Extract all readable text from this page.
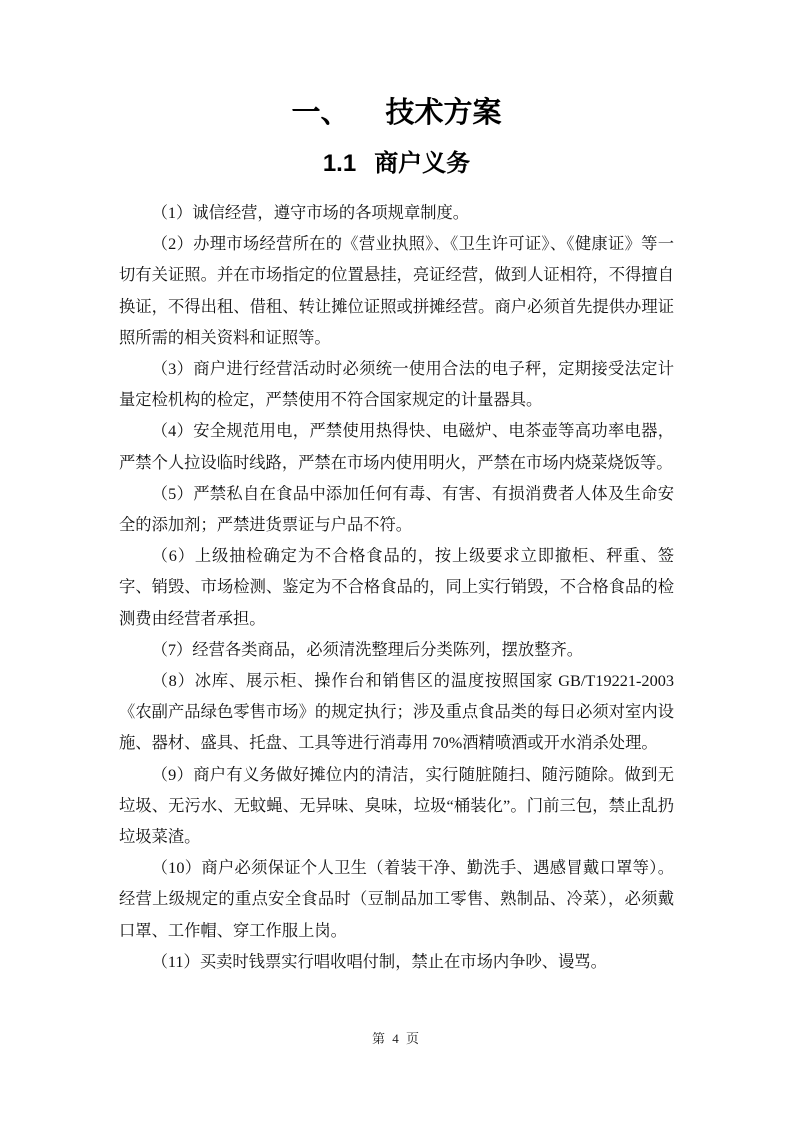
一、 技术方案
1.1 商户义务

（1）诚信经营，遵守市场的各项规章制度。

（2）办理市场经营所在的《营业执照》、《卫生许可证》、《健康证》等一切有关证照。并在市场指定的位置悬挂，亮证经营，做到人证相符，不得擅自换证，不得出租、借租、转让摊位证照或拼摊经营。商户必须首先提供办理证照所需的相关资料和证照等。

（3）商户进行经营活动时必须统一使用合法的电子秤，定期接受法定计量定检机构的检定，严禁使用不符合国家规定的计量器具。

（4）安全规范用电，严禁使用热得快、电磁炉、电茶壶等高功率电器，严禁个人拉设临时线路，严禁在市场内使用明火，严禁在市场内烧菜烧饭等。

（5）严禁私自在食品中添加任何有毒、有害、有损消费者人体及生命安全的添加剂；严禁进货票证与户品不符。

（6）上级抽检确定为不合格食品的，按上级要求立即撤柜、秤重、签字、销毁、市场检测、鉴定为不合格食品的，同上实行销毁，不合格食品的检测费由经营者承担。

（7）经营各类商品，必须清洗整理后分类陈列，摆放整齐。

（8）冰库、展示柜、操作台和销售区的温度按照国家 GB/T19221-2003《农副产品绿色零售市场》的规定执行；涉及重点食品类的每日必须对室内设施、器材、盛具、托盘、工具等进行消毒用 70%酒精喷酒或开水消杀处理。

（9）商户有义务做好摊位内的清洁，实行随脏随扫、随污随除。做到无垃圾、无污水、无蚊蝇、无异味、臭味，垃圾“桶装化”。门前三包，禁止乱扔垃圾菜渣。

（10）商户必须保证个人卫生（着装干净、勤洗手、遇感冒戴口罩等）。经营上级规定的重点安全食品时（豆制品加工零售、熟制品、冷菜），必须戴口罩、工作帽、穿工作服上岗。

（11）买卖时钱票实行唱收唱付制，禁止在市场内争吵、谩骂。

第 4 页
